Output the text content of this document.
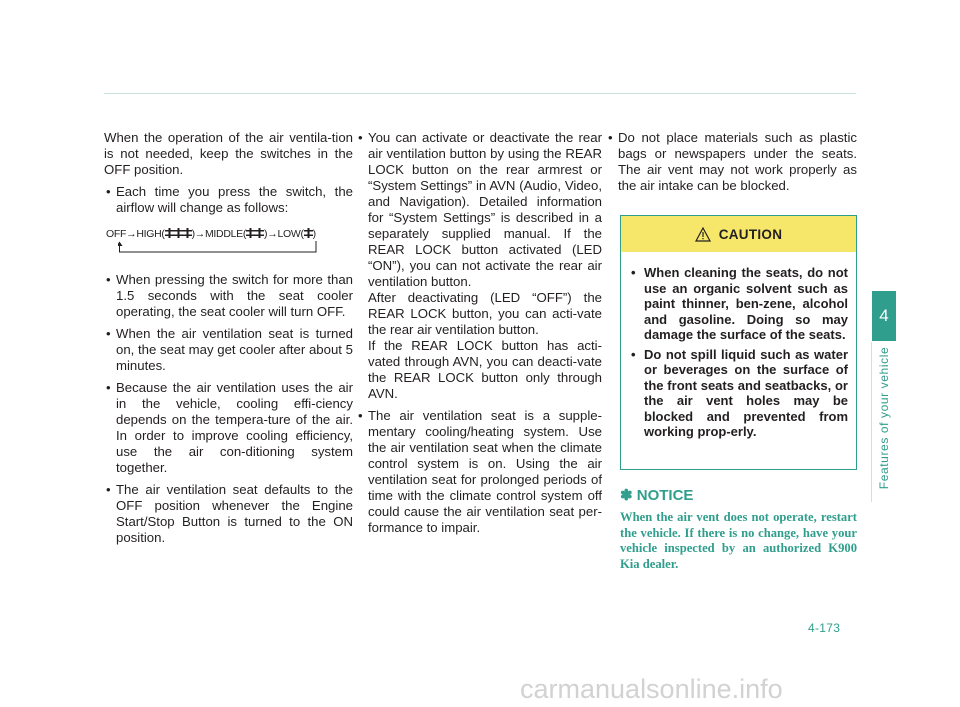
When the operation of the air ventila-tion is not needed, keep the switches in the OFF position.

• Each time you press the switch, the airflow will change as follows:
OFF→HIGH(	)→MIDDLE( )→LOW( )
• When pressing the switch for more than 1.5 seconds with the seat cooler operating, the seat cooler will turn OFF.
• When the air ventilation seat is turned on, the seat may get cooler after about 5 minutes.
• Because the air ventilation uses the air in the vehicle, cooling effi-ciency depends on the tempera-ture of the air. In order to improve cooling efficiency, use the air con-ditioning system together.
• The air ventilation seat defaults to the OFF position whenever the Engine Start/Stop Button is turned to the ON position.
• You can activate or deactivate the rear air ventilation button by using the REAR LOCK button on the rear armrest or “System Settings” in AVN (Audio, Video, and Navigation). Detailed information for “System Settings” is described in a separately supplied manual. If the REAR LOCK button activated (LED “ON”), you can not activate the rear air ventilation button.

After deactivating (LED “OFF”) the REAR LOCK button, you can acti-vate the rear air ventilation button.

If the REAR LOCK button has acti-vated through AVN, you can deacti-vate the REAR LOCK button only through AVN.

• The air ventilation seat is a supple-mentary cooling/heating system. Use the air ventilation seat when the climate control system is on. Using the air ventilation seat for prolonged periods of time with the climate control system off could cause the air ventilation seat per-formance to impair.
• Do not place materials such as plastic bags or newspapers under the seats. The air vent may not work properly as the air intake can be blocked.
CAUTION
• When cleaning the seats, do not use an organic solvent such as paint thinner, ben-zene, alcohol and gasoline. Doing so may damage the surface of the seats.
• Do not spill liquid such as water or beverages on the surface of the front seats and seatbacks, or the air vent holes may be blocked and prevented from working prop-erly.
✽ NOTICE
When the air vent does not operate, restart the vehicle. If there is no change, have your vehicle inspected by an authorized K900 Kia dealer.
4
Features of your vehicle
4-173
carmanualsonline.info
